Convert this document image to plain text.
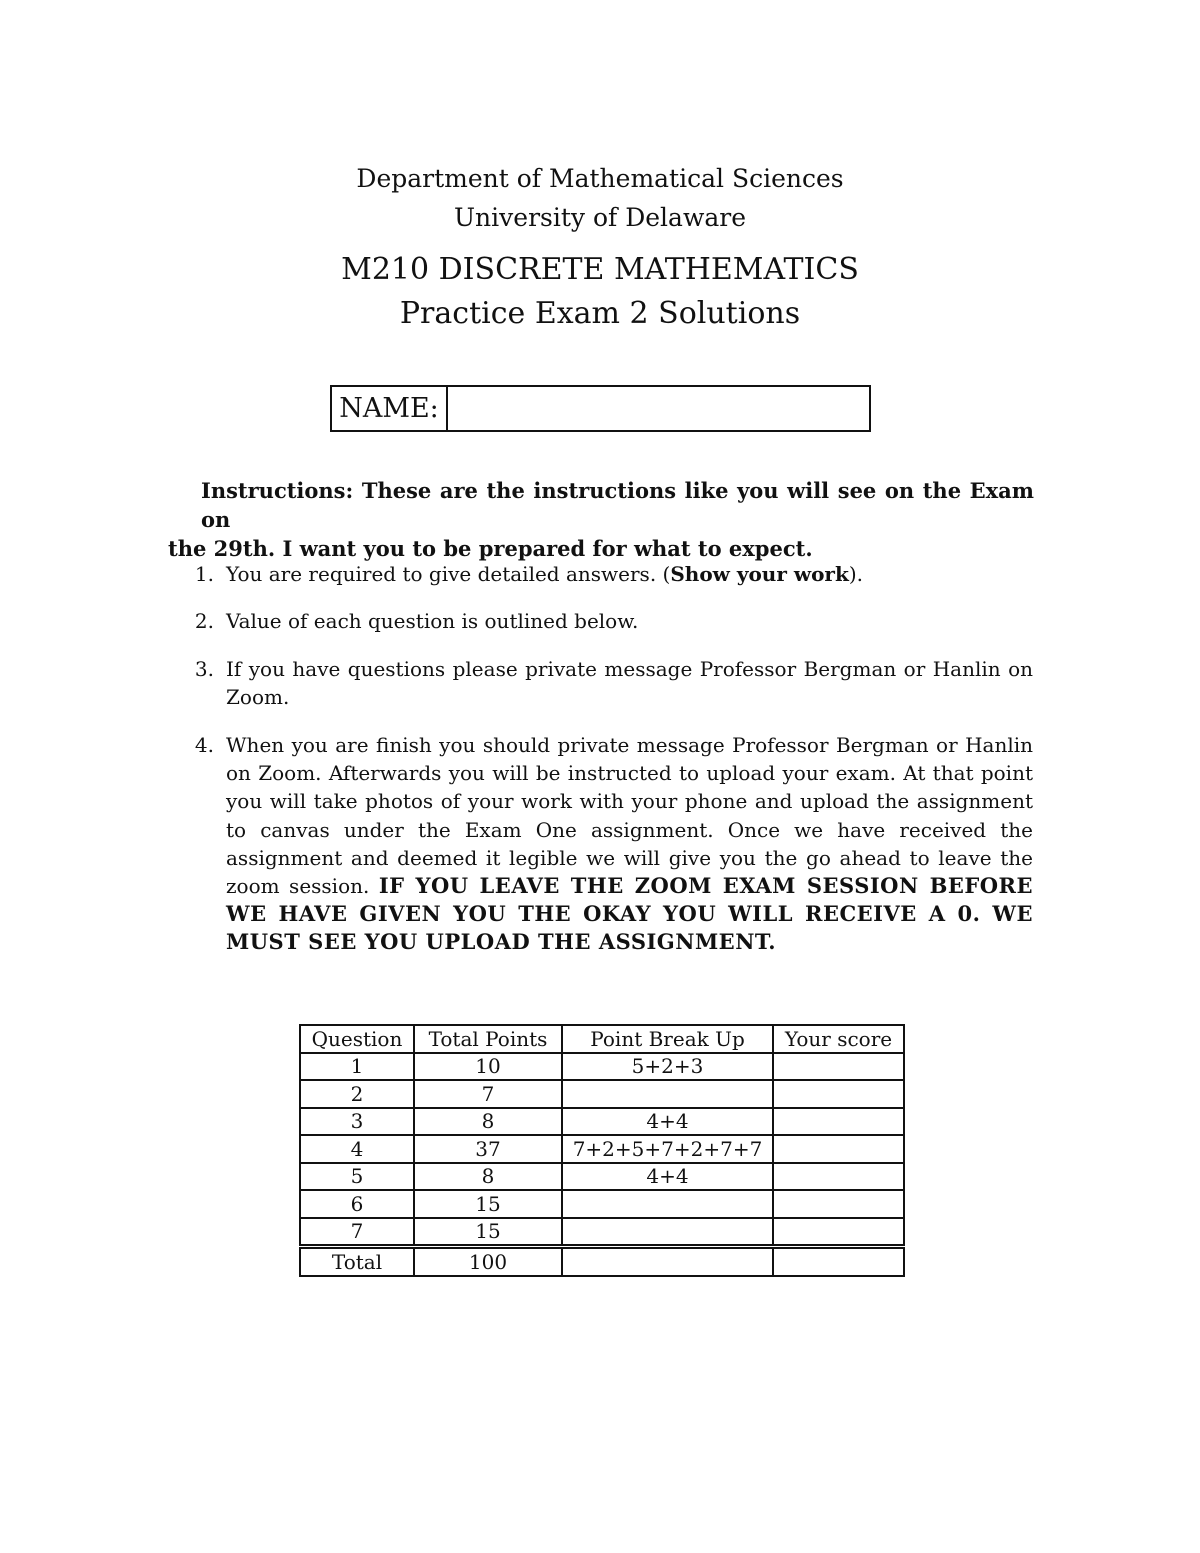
Department of Mathematical Sciences
University of Delaware
M210 DISCRETE MATHEMATICS
Practice Exam 2 Solutions
NAME:
Instructions: These are the instructions like you will see on the Exam on
the 29th. I want you to be prepared for what to expect.
1. You are required to give detailed answers. (Show your work).
2. Value of each question is outlined below.
3. If you have questions please private message Professor Bergman or Hanlin on Zoom.
4. When you are finish you should private message Professor Bergman or Hanlin on Zoom. Afterwards you will be instructed to upload your exam. At that point you will take photos of your work with your phone and upload the assignment to canvas under the Exam One assignment. Once we have received the assignment and deemed it legible we will give you the go ahead to leave the zoom session. IF YOU LEAVE THE ZOOM EXAM SESSION BEFORE WE HAVE GIVEN YOU THE OKAY YOU WILL RECEIVE A 0. WE MUST SEE YOU UPLOAD THE ASSIGNMENT.
Question	Total Points	Point Break Up	Your score
1	10	5+2+3	
2	7		
3	8	4+4	
4	37	7+2+5+7+2+7+7	
5	8	4+4	
6	15		
7	15		
Total	100		
